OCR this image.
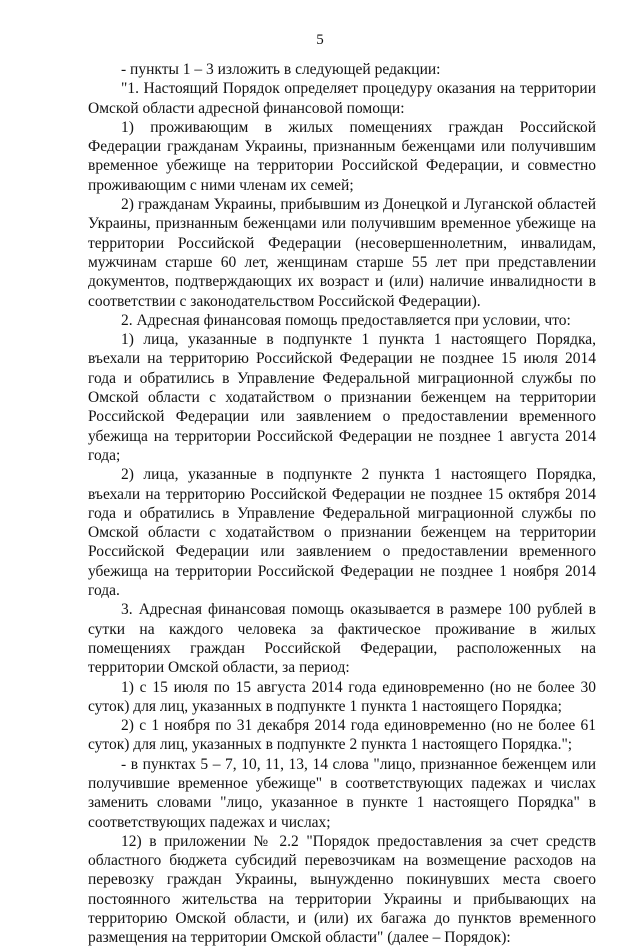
5

- пункты 1 – 3 изложить в следующей редакции:

"1. Настоящий Порядок определяет процедуру оказания на территории Омской области адресной финансовой помощи:

1) проживающим в жилых помещениях граждан Российской Федерации гражданам Украины, признанным беженцами или получившим временное убежище на территории Российской Федерации, и совместно проживающим с ними членам их семей;

2) гражданам Украины, прибывшим из Донецкой и Луганской областей Украины, признанным беженцами или получившим временное убежище на территории Российской Федерации (несовершеннолетним, инвалидам, мужчинам старше 60 лет, женщинам старше 55 лет при представлении документов, подтверждающих их возраст и (или) наличие инвалидности в соответствии с законодательством Российской Федерации).

2. Адресная финансовая помощь предоставляется при условии, что:

1) лица, указанные в подпункте 1 пункта 1 настоящего Порядка, въехали на территорию Российской Федерации не позднее 15 июля 2014 года и обратились в Управление Федеральной миграционной службы по Омской области с ходатайством о признании беженцем на территории Российской Федерации или заявлением о предоставлении временного убежища на территории Российской Федерации не позднее 1 августа 2014 года;

2) лица, указанные в подпункте 2 пункта 1 настоящего Порядка, въехали на территорию Российской Федерации не позднее 15 октября 2014 года и обратились в Управление Федеральной миграционной службы по Омской области с ходатайством о признании беженцем на территории Российской Федерации или заявлением о предоставлении временного убежища на территории Российской Федерации не позднее 1 ноября 2014 года.

3. Адресная финансовая помощь оказывается в размере 100 рублей в сутки на каждого человека за фактическое проживание в жилых помещениях граждан Российской Федерации, расположенных на территории Омской области, за период:

1) с 15 июля по 15 августа 2014 года единовременно (но не более 30 суток) для лиц, указанных в подпункте 1 пункта 1 настоящего Порядка;

2) с 1 ноября по 31 декабря 2014 года единовременно (но не более 61 суток) для лиц, указанных в подпункте 2 пункта 1 настоящего Порядка.";

- в пунктах 5 – 7, 10, 11, 13, 14 слова "лицо, признанное беженцем или получившие временное убежище" в соответствующих падежах и числах заменить словами "лицо, указанное в пункте 1 настоящего Порядка" в соответствующих падежах и числах;

12) в приложении № 2.2 "Порядок предоставления за счет средств областного бюджета субсидий перевозчикам на возмещение расходов на перевозку граждан Украины, вынужденно покинувших места своего постоянного жительства на территории Украины и прибывающих на территорию Омской области, и (или) их багажа до пунктов временного размещения на территории Омской области" (далее – Порядок):
